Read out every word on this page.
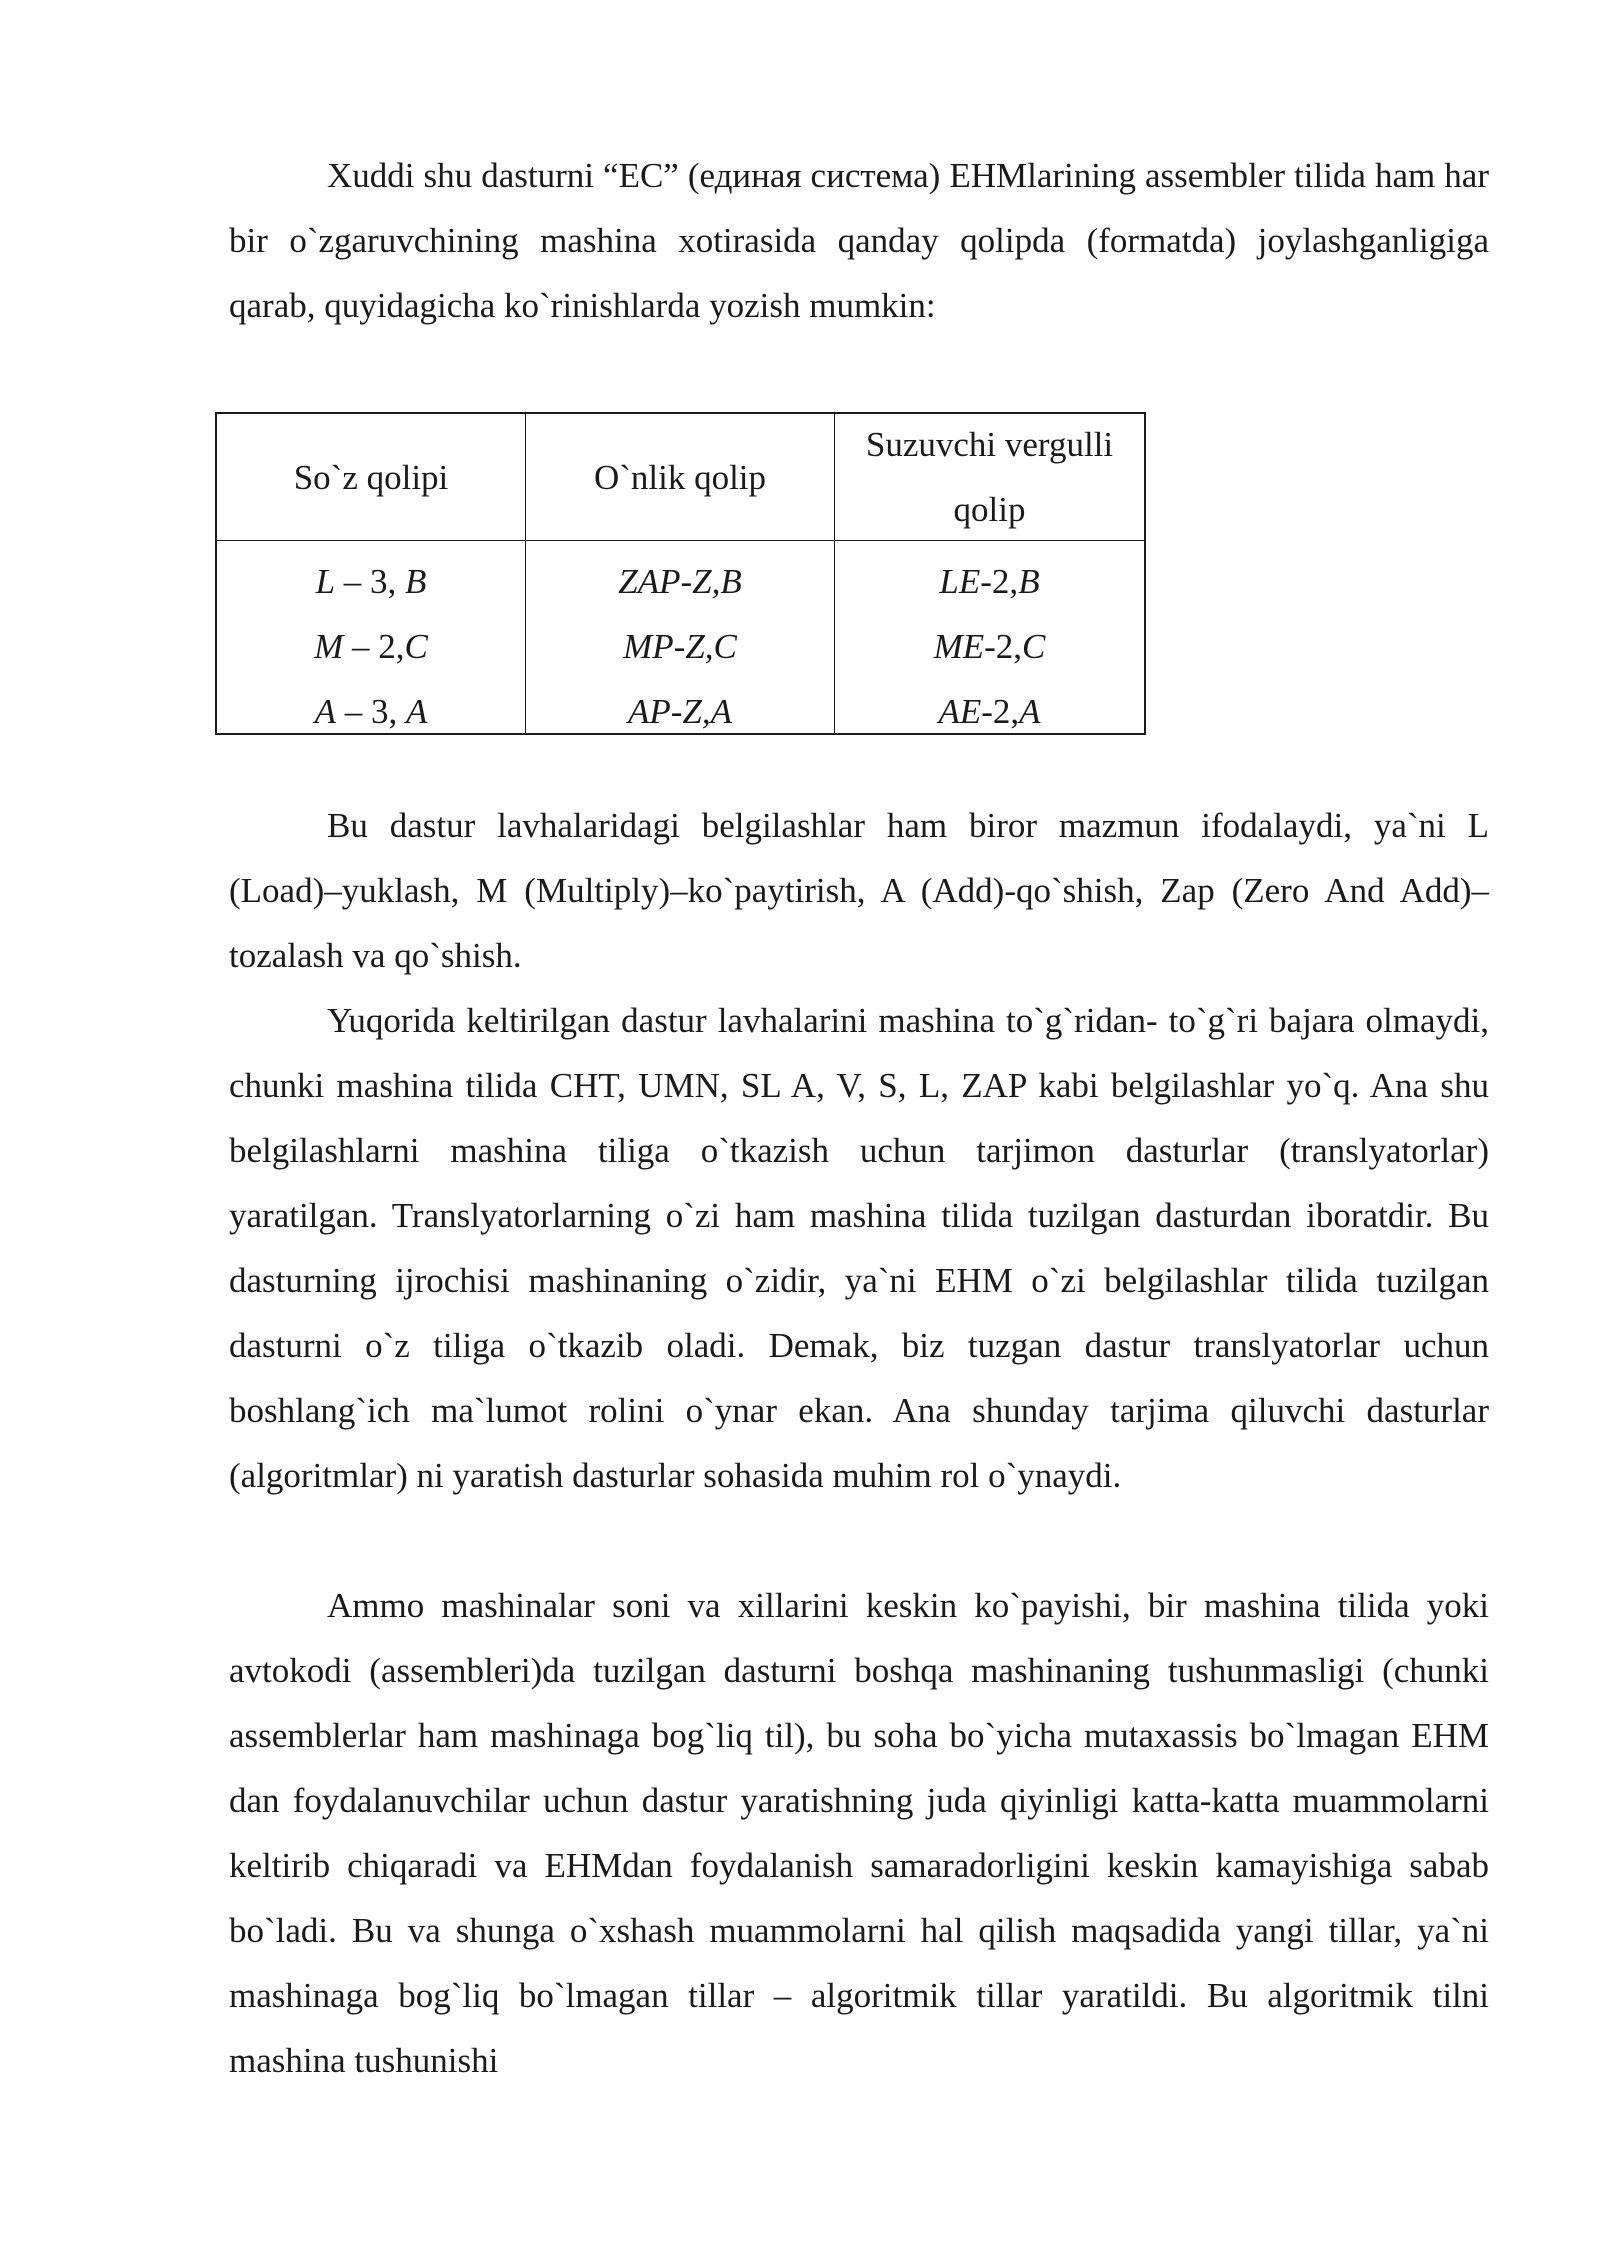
Xuddi shu dasturni “EC” (единая система) EHMlarining assembler tilida ham har bir o`zgaruvchining mashina xotirasida qanday qolipda (formatda) joylashganligiga qarab, quyidagicha ko`rinishlarda yozish mumkin:

So`z qolipi	O`nlik qolip
Suzuvchi vergulli qolip
L – 3, B
M – 2,C
A – 3, A
ZAP-Z,B
MP-Z,C
AP-Z,A
LE-2,B
ME-2,C
AE-2,A

Bu dastur lavhalaridagi belgilashlar ham biror mazmun ifodalaydi, ya`ni L (Load)–yuklash, M (Multiply)–ko`paytirish, A (Add)-qo`shish, Zap (Zero And Add)–tozalash va qo`shish.

Yuqorida keltirilgan dastur lavhalarini mashina to`g`ridan- to`g`ri bajara olmaydi, chunki mashina tilida CHT, UMN, SL A, V, S, L, ZAP kabi belgilashlar yo`q. Ana shu belgilashlarni mashina tiliga o`tkazish uchun tarjimon dasturlar (translyatorlar) yaratilgan. Translyatorlarning o`zi ham mashina tilida tuzilgan dasturdan iboratdir. Bu dasturning ijrochisi mashinaning o`zidir, ya`ni EHM o`zi belgilashlar tilida tuzilgan dasturni o`z tiliga o`tkazib oladi. Demak, biz tuzgan dastur translyatorlar uchun boshlang`ich ma`lumot rolini o`ynar ekan. Ana shunday tarjima qiluvchi dasturlar (algoritmlar) ni yaratish dasturlar sohasida muhim rol o`ynaydi.

Ammo mashinalar soni va xillarini keskin ko`payishi, bir mashina tilida yoki avtokodi (assembleri)da tuzilgan dasturni boshqa mashinaning tushunmasligi (chunki assemblerlar ham mashinaga bog`liq til), bu soha bo`yicha mutaxassis bo`lmagan EHM dan foydalanuvchilar uchun dastur yaratishning juda qiyinligi katta-katta muammolarni keltirib chiqaradi va EHMdan foydalanish samaradorligini keskin kamayishiga sabab bo`ladi. Bu va shunga o`xshash muammolarni hal qilish maqsadida yangi tillar, ya`ni mashinaga bog`liq bo`lmagan tillar – algoritmik tillar yaratildi. Bu algoritmik tilni mashina tushunishi
